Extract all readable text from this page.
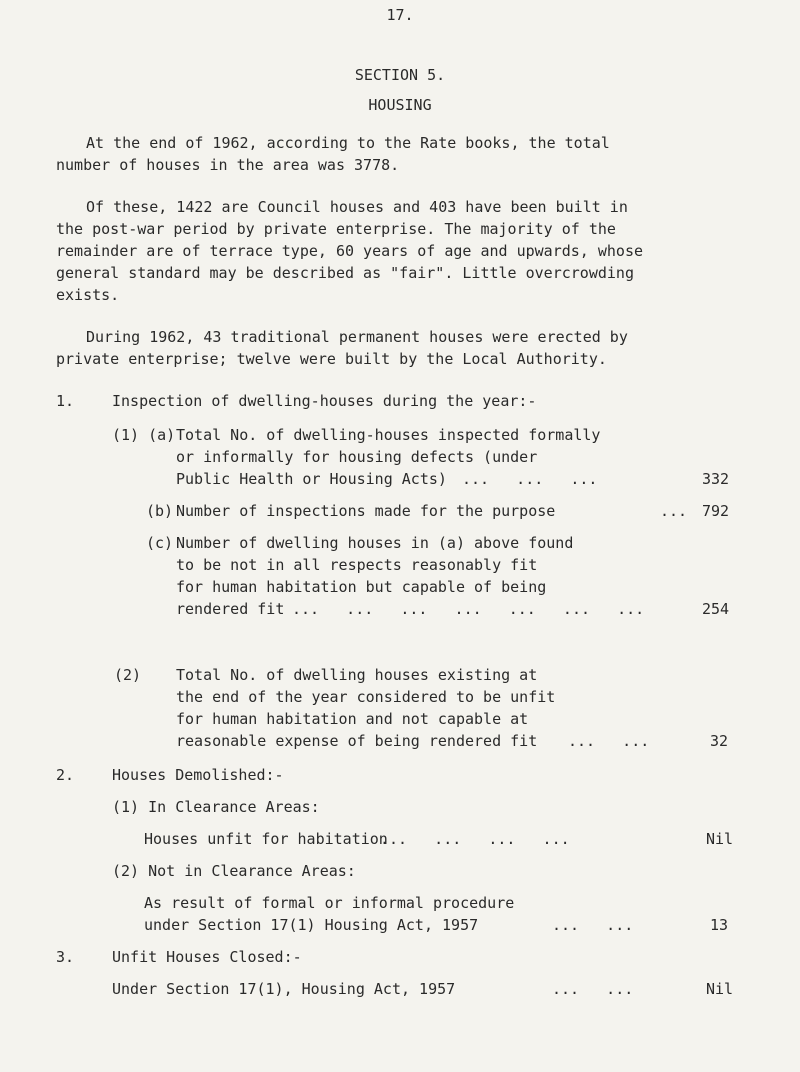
17.
SECTION 5.
HOUSING
At the end of 1962, according to the Rate books, the total
number of houses in the area was 3778.
Of these, 1422 are Council houses and 403 have been built in
the post-war period by private enterprise. The majority of the
remainder are of terrace type, 60 years of age and upwards, whose
general standard may be described as "fair". Little overcrowding
exists.
During 1962, 43 traditional permanent houses were erected by
private enterprise; twelve were built by the Local Authority.
1.	Inspection of dwelling-houses during the year:-
(1) (a) Total No. of dwelling-houses inspected formally
or informally for housing defects (under
Public Health or Housing Acts) ...   ...   ...	332
(b) Number of inspections made for the purpose	... 792
(c) Number of dwelling houses in (a) above found
to be not in all respects reasonably fit
for human habitation but capable of being
rendered fit ...   ...   ...   ...   ...   ...   ...	254
(2) Total No. of dwelling houses existing at
the end of the year considered to be unfit
for human habitation and not capable at
reasonable expense of being rendered fit ...   ...	32
2.	Houses Demolished:-
(1) In Clearance Areas:
Houses unfit for habitation
...   ...   ...   ...	Nil
(2) Not in Clearance Areas:
As result of formal or informal procedure
under Section 17(1) Housing Act, 1957	...   ...	13
3.	Unfit Houses Closed:-
Under Section 17(1), Housing Act, 1957	...   ...	Nil
